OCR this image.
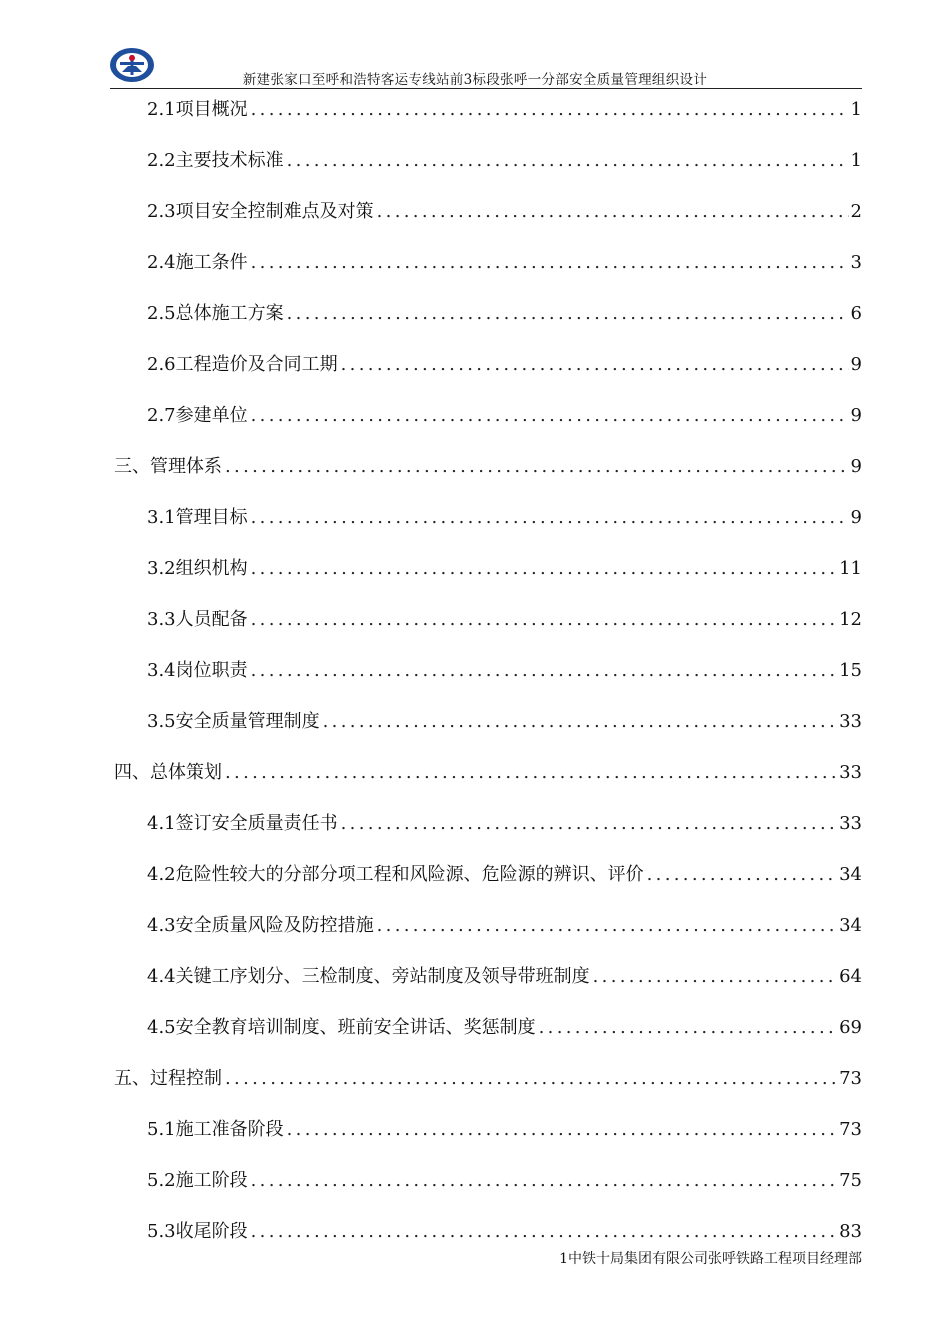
新建张家口至呼和浩特客运专线站前3标段张呼一分部安全质量管理组织设计
2.1项目概况 . . .	1
2.2主要技术标准 . . .	1
2.3项目安全控制难点及对策 . . .	2
2.4施工条件 . . .	3
2.5总体施工方案 . . .	6
2.6工程造价及合同工期 . . .	9
2.7参建单位 . . .	9
三、管理体系 . . .	9
3.1管理目标 . . .	9
3.2组织机构 . . .	11
3.3人员配备 . . .	12
3.4岗位职责 . . .	15
3.5安全质量管理制度 . . .	33
四、总体策划 . . .	33
4.1签订安全质量责任书 . . .	33
4.2危险性较大的分部分项工程和风险源、危险源的辨识、评价 . . .	34
4.3安全质量风险及防控措施 . . .	34
4.4关键工序划分、三检制度、旁站制度及领导带班制度 . . .	64
4.5安全教育培训制度、班前安全讲话、奖惩制度 . . .	69
五、过程控制 . . .	73
5.1施工准备阶段 . . .	73
5.2施工阶段 . . .	75
5.3收尾阶段 . . .	83
1中铁十局集团有限公司张呼铁路工程项目经理部
